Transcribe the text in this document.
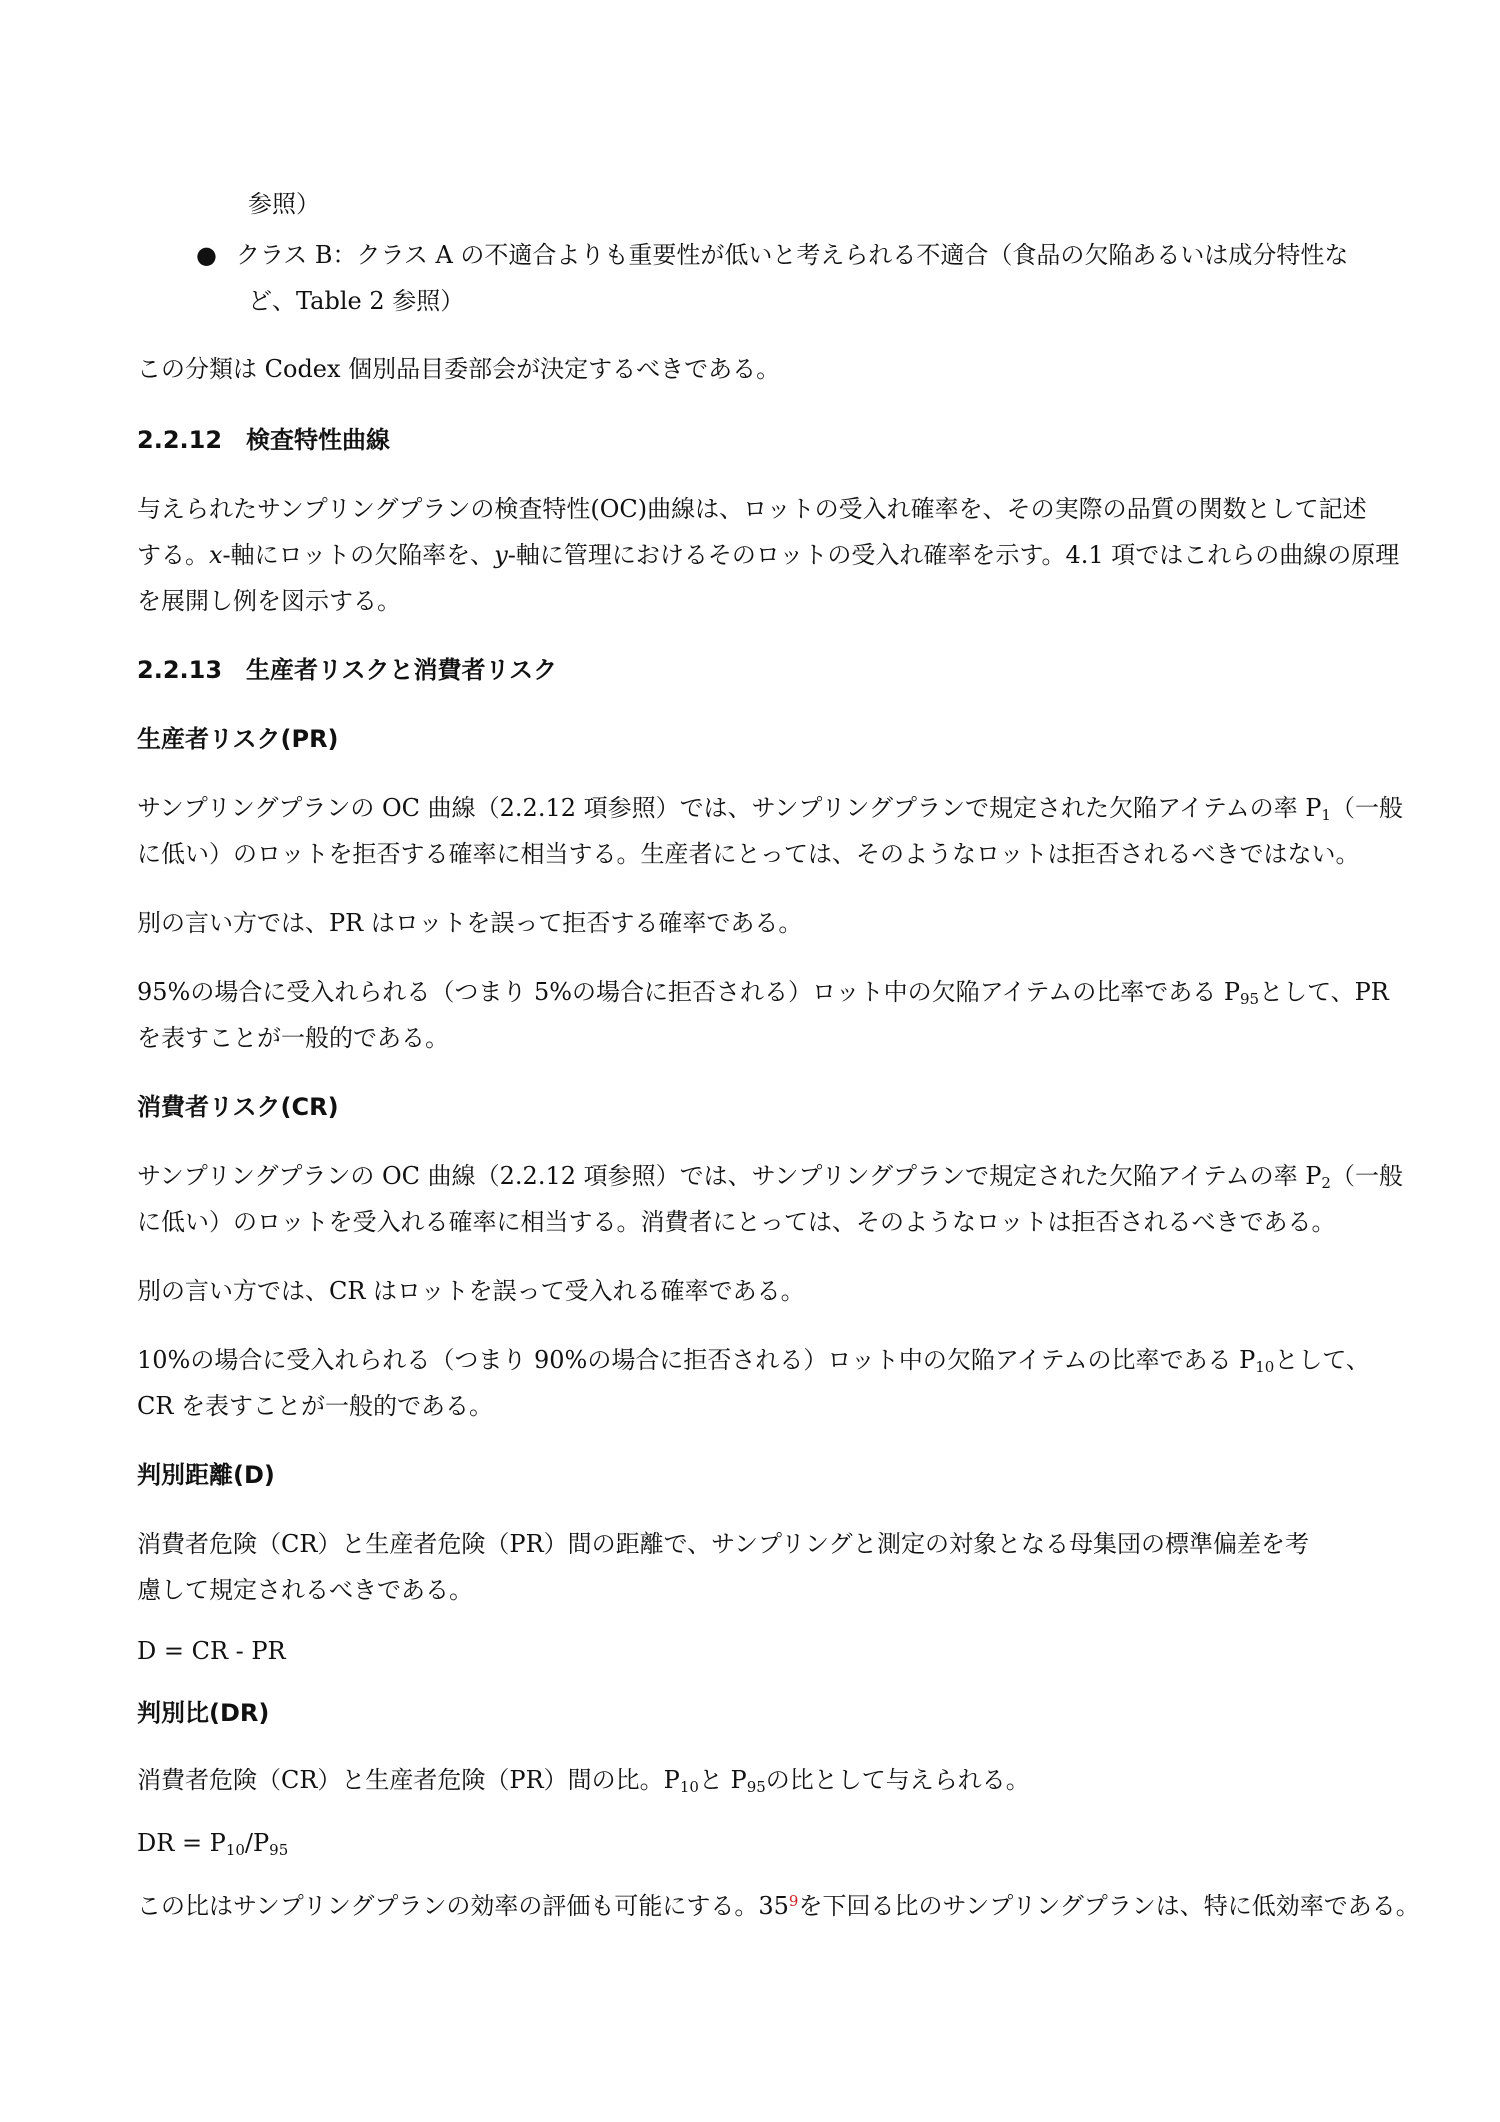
参照）
● クラス B：クラス A の不適合よりも重要性が低いと考えられる不適合（食品の欠陥あるいは成分特性な
ど、Table 2 参照）
この分類は Codex 個別品目委部会が決定するべきである。
2.2.12　検査特性曲線
与えられたサンプリングプランの検査特性(OC)曲線は、ロットの受入れ確率を、その実際の品質の関数として記述
する。x-軸にロットの欠陥率を、y-軸に管理におけるそのロットの受入れ確率を示す。4.1 項ではこれらの曲線の原理
を展開し例を図示する。
2.2.13　生産者リスクと消費者リスク
生産者リスク(PR)
サンプリングプランの OC 曲線（2.2.12 項参照）では、サンプリングプランで規定された欠陥アイテムの率 $P_1$（一般
に低い）のロットを拒否する確率に相当する。生産者にとっては、そのようなロットは拒否されるべきではない。
別の言い方では、PR はロットを誤って拒否する確率である。
95%の場合に受入れられる（つまり 5%の場合に拒否される）ロット中の欠陥アイテムの比率である $P_{95}$として、PR
を表すことが一般的である。
消費者リスク(CR)
サンプリングプランの OC 曲線（2.2.12 項参照）では、サンプリングプランで規定された欠陥アイテムの率 $P_2$（一般
に低い）のロットを受入れる確率に相当する。消費者にとっては、そのようなロットは拒否されるべきである。
別の言い方では、CR はロットを誤って受入れる確率である。
10%の場合に受入れられる（つまり 90%の場合に拒否される）ロット中の欠陥アイテムの比率である $P_{10}$として、
CR を表すことが一般的である。
判別距離(D)
消費者危険（CR）と生産者危険（PR）間の距離で、サンプリングと測定の対象となる母集団の標準偏差を考
慮して規定されるべきである。
D = CR - PR
判別比(DR)
消費者危険（CR）と生産者危険（PR）間の比。$P_{10}$と $P_{95}$の比として与えられる。
DR = $P_{10}/P_{95}$
この比はサンプリングプランの効率の評価も可能にする。$35^9$を下回る比のサンプリングプランは、特に低効率である。
